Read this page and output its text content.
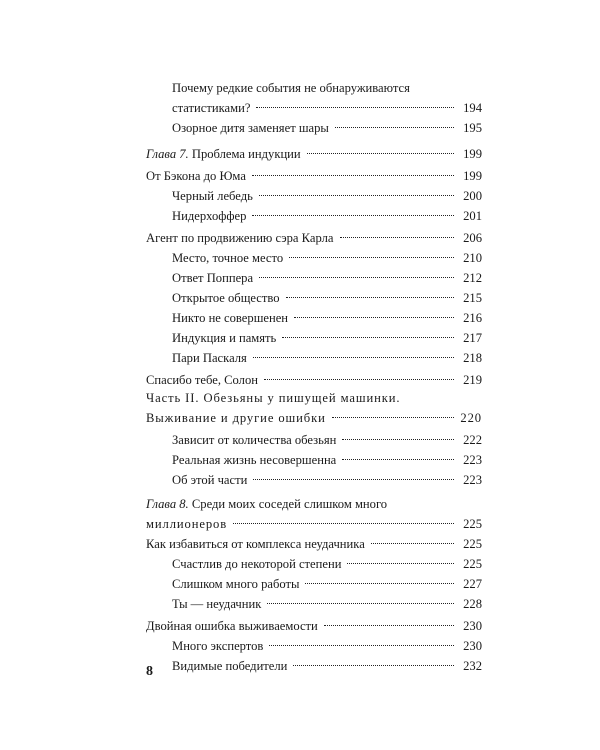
Почему редкие события не обнаруживаются
статистиками?	194
Озорное дитя заменяет шары	195
Глава 7. Проблема индукции	199
От Бэкона до Юма	199
Черный лебедь	200
Нидерхоффер	201
Агент по продвижению сэра Карла	206
Место, точное место	210
Ответ Поппера	212
Открытое общество	215
Никто не совершенен	216
Индукция и память	217
Пари Паскаля	218
Спасибо тебе, Солон	219
Часть II. Обезьяны у пишущей машинки.
Выживание и другие ошибки	220
Зависит от количества обезьян	222
Реальная жизнь несовершенна	223
Об этой части	223
Глава 8. Среди моих соседей слишком много
миллионеров	225
Как избавиться от комплекса неудачника	225
Счастлив до некоторой степени	225
Слишком много работы	227
Ты — неудачник	228
Двойная ошибка выживаемости	230
Много экспертов	230
Видимые победители	232
8
